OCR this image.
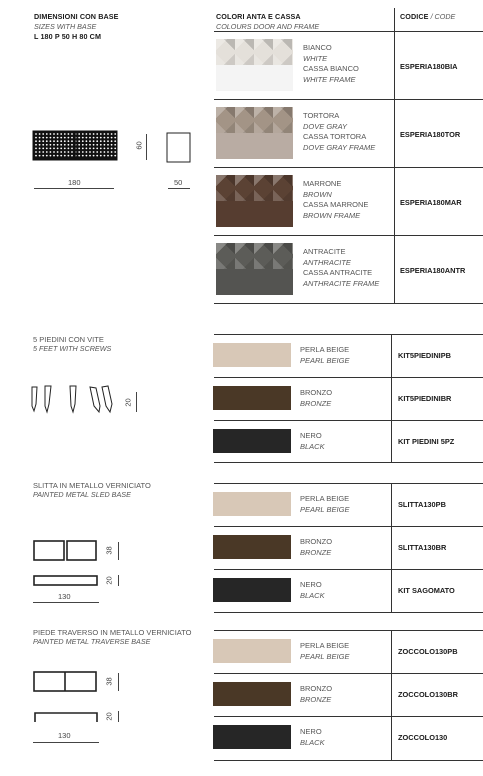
DIMENSIONI CON BASE
SIZES WITH BASE
L 180 P 50 H 80 CM
60
180	50
COLORI ANTA E CASSA
COLOURS DOOR AND FRAME
CODICE / CODE
BIANCO
WHITE
CASSA BIANCO
WHITE FRAME
ESPERIA180BIA
TORTORA
DOVE GRAY
CASSA TORTORA
DOVE GRAY FRAME
ESPERIA180TOR
MARRONE
BROWN
CASSA MARRONE
BROWN FRAME
ESPERIA180MAR
ANTRACITE
ANTHRACITE
CASSA ANTRACITE
ANTHRACITE FRAME
ESPERIA180ANTR
5 PIEDINI CON VITE
5 FEET WITH SCREWS
20
PERLA BEIGE
PEARL BEIGE	KIT5PIEDINIPB
BRONZO
BRONZE	KIT5PIEDINIBR
NERO
BLACK	KIT PIEDINI 5PZ
SLITTA IN METALLO VERNICIATO
PAINTED METAL SLED BASE
38
20
130
PERLA BEIGE
PEARL BEIGE	SLITTA130PB
BRONZO
BRONZE	SLITTA130BR
NERO
BLACK	KIT SAGOMATO
PIEDE TRAVERSO IN METALLO VERNICIATO
PAINTED METAL TRAVERSE BASE
38
20
130
PERLA BEIGE
PEARL BEIGE	ZOCCOLO130PB
BRONZO
BRONZE	ZOCCOLO130BR
NERO
BLACK	ZOCCOLO130
